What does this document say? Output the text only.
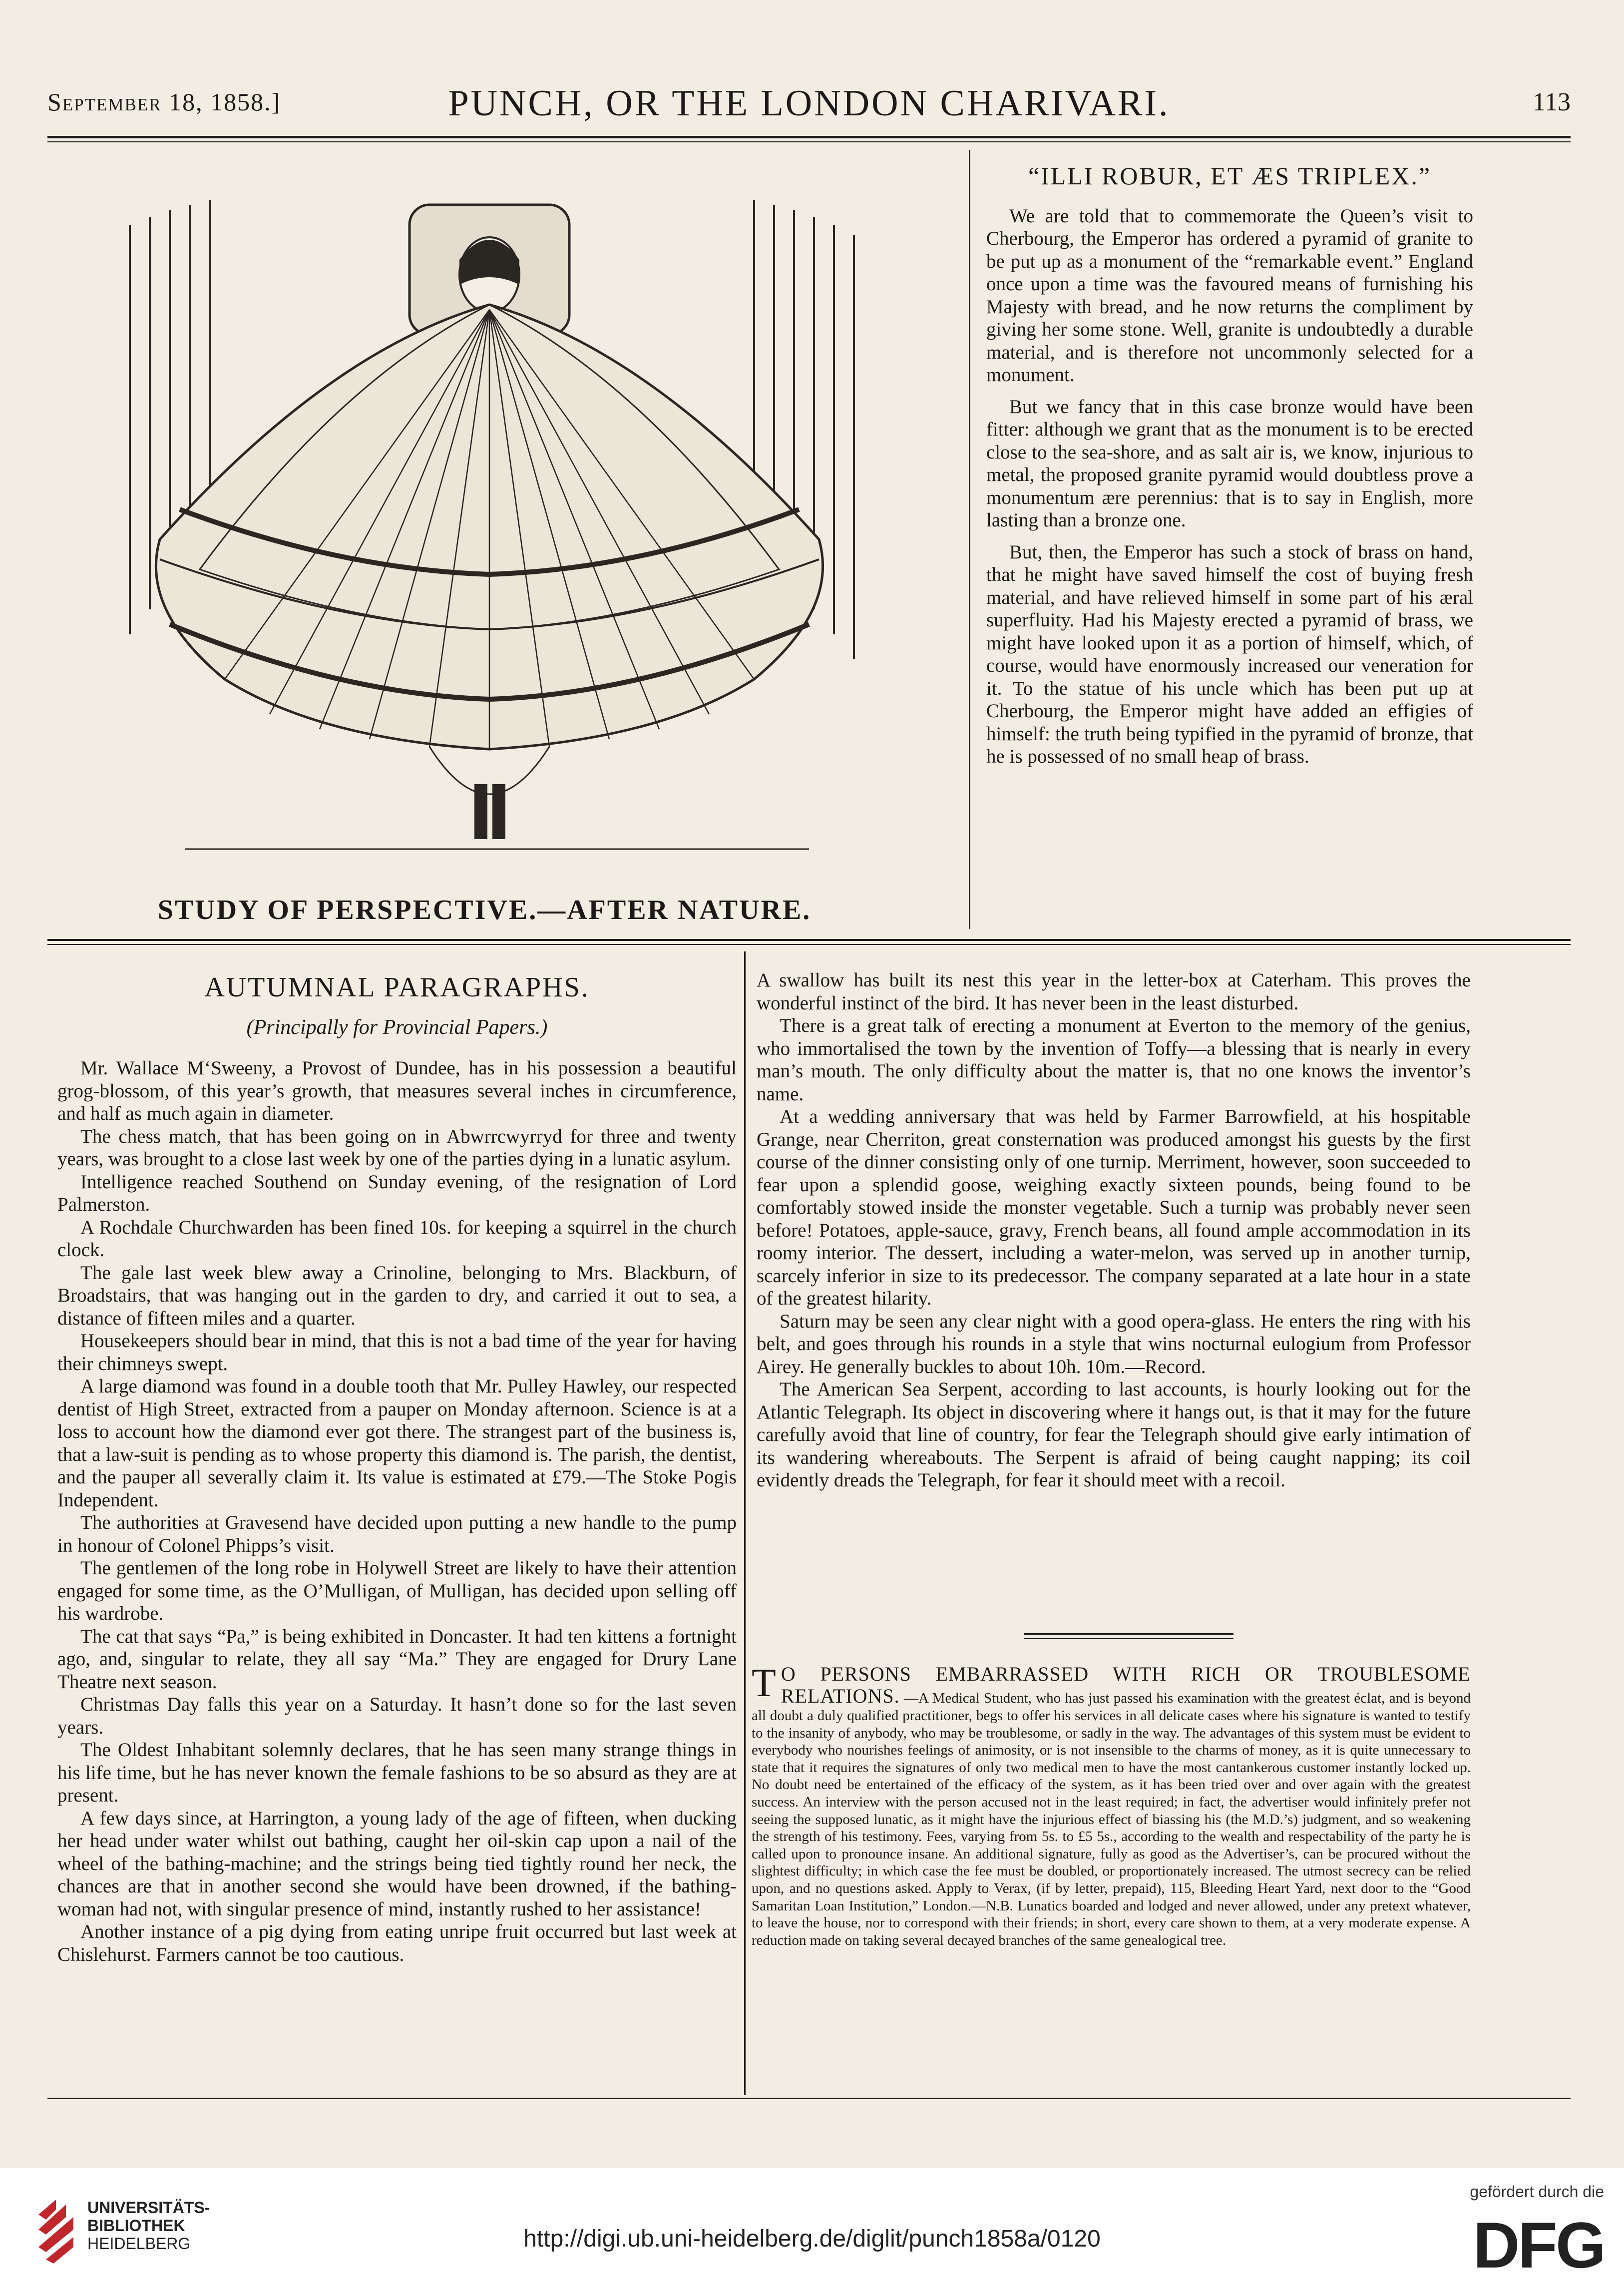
September 18, 1858.]	PUNCH, OR THE LONDON CHARIVARI.	113
STUDY OF PERSPECTIVE.—AFTER NATURE.
“ILLI ROBUR, ET ÆS TRIPLEX.”

We are told that to commemorate the Queen’s visit to Cherbourg, the Emperor has ordered a pyramid of granite to be put up as a monument of the “remarkable event.” England once upon a time was the favoured means of furnishing his Majesty with bread, and he now returns the compliment by giving her some stone. Well, granite is undoubtedly a durable material, and is therefore not uncommonly selected for a monument.

But we fancy that in this case bronze would have been fitter: although we grant that as the monument is to be erected close to the sea-shore, and as salt air is, we know, injurious to metal, the proposed granite pyramid would doubtless prove a monumentum ære perennius: that is to say in English, more lasting than a bronze one.

But, then, the Emperor has such a stock of brass on hand, that he might have saved himself the cost of buying fresh material, and have relieved himself in some part of his æral superfluity. Had his Majesty erected a pyramid of brass, we might have looked upon it as a portion of himself, which, of course, would have enormously increased our veneration for it. To the statue of his uncle which has been put up at Cherbourg, the Emperor might have added an effigies of himself: the truth being typified in the pyramid of bronze, that he is possessed of no small heap of brass.

AUTUMNAL PARAGRAPHS.
(Principally for Provincial Papers.)

Mr. Wallace M‘Sweeny, a Provost of Dundee, has in his possession a beautiful grog-blossom, of this year’s growth, that measures several inches in circumference, and half as much again in diameter.

The chess match, that has been going on in Abwrrcwyrryd for three and twenty years, was brought to a close last week by one of the parties dying in a lunatic asylum.

Intelligence reached Southend on Sunday evening, of the resignation of Lord Palmerston.

A Rochdale Churchwarden has been fined 10s. for keeping a squirrel in the church clock.

The gale last week blew away a Crinoline, belonging to Mrs. Blackburn, of Broadstairs, that was hanging out in the garden to dry, and carried it out to sea, a distance of fifteen miles and a quarter.

Housekeepers should bear in mind, that this is not a bad time of the year for having their chimneys swept.

A large diamond was found in a double tooth that Mr. Pulley Hawley, our respected dentist of High Street, extracted from a pauper on Monday afternoon. Science is at a loss to account how the diamond ever got there. The strangest part of the business is, that a law-suit is pending as to whose property this diamond is. The parish, the dentist, and the pauper all severally claim it. Its value is estimated at £79.—The Stoke Pogis Independent.

The authorities at Gravesend have decided upon putting a new handle to the pump in honour of Colonel Phipps’s visit.

The gentlemen of the long robe in Holywell Street are likely to have their attention engaged for some time, as the O’Mulligan, of Mulligan, has decided upon selling off his wardrobe.

The cat that says “Pa,” is being exhibited in Doncaster. It had ten kittens a fortnight ago, and, singular to relate, they all say “Ma.” They are engaged for Drury Lane Theatre next season.

Christmas Day falls this year on a Saturday. It hasn’t done so for the last seven years.

The Oldest Inhabitant solemnly declares, that he has seen many strange things in his life time, but he has never known the female fashions to be so absurd as they are at present.

A few days since, at Harrington, a young lady of the age of fifteen, when ducking her head under water whilst out bathing, caught her oil-skin cap upon a nail of the wheel of the bathing-machine; and the strings being tied tightly round her neck, the chances are that in another second she would have been drowned, if the bathing-woman had not, with singular presence of mind, instantly rushed to her assistance!

Another instance of a pig dying from eating unripe fruit occurred but last week at Chislehurst. Farmers cannot be too cautious.

A swallow has built its nest this year in the letter-box at Caterham. This proves the wonderful instinct of the bird. It has never been in the least disturbed.

There is a great talk of erecting a monument at Everton to the memory of the genius, who immortalised the town by the invention of Toffy—a blessing that is nearly in every man’s mouth. The only difficulty about the matter is, that no one knows the inventor’s name.

At a wedding anniversary that was held by Farmer Barrowfield, at his hospitable Grange, near Cherriton, great consternation was produced amongst his guests by the first course of the dinner consisting only of one turnip. Merriment, however, soon succeeded to fear upon a splendid goose, weighing exactly sixteen pounds, being found to be comfortably stowed inside the monster vegetable. Such a turnip was probably never seen before! Potatoes, apple-sauce, gravy, French beans, all found ample accommodation in its roomy interior. The dessert, including a water-melon, was served up in another turnip, scarcely inferior in size to its predecessor. The company separated at a late hour in a state of the greatest hilarity.

Saturn may be seen any clear night with a good opera-glass. He enters the ring with his belt, and goes through his rounds in a style that wins nocturnal eulogium from Professor Airey. He generally buckles to about 10h. 10m.—Record.

The American Sea Serpent, according to last accounts, is hourly looking out for the Atlantic Telegraph. Its object in discovering where it hangs out, is that it may for the future carefully avoid that line of country, for fear the Telegraph should give early intimation of its wandering whereabouts. The Serpent is afraid of being caught napping; its coil evidently dreads the Telegraph, for fear it should meet with a recoil.

T O PERSONS EMBARRASSED WITH RICH OR TROUBLESOME RELATIONS. —A Medical Student, who has just passed his examination with the greatest éclat, and is beyond all doubt a duly qualified practitioner, begs to offer his services in all delicate cases where his signature is wanted to testify to the insanity of anybody, who may be troublesome, or sadly in the way. The advantages of this system must be evident to everybody who nourishes feelings of animosity, or is not insensible to the charms of money, as it is quite unnecessary to state that it requires the signatures of only two medical men to have the most cantankerous customer instantly locked up. No doubt need be entertained of the efficacy of the system, as it has been tried over and over again with the greatest success. An interview with the person accused not in the least required; in fact, the advertiser would infinitely prefer not seeing the supposed lunatic, as it might have the injurious effect of biassing his (the M.D.’s) judgment, and so weakening the strength of his testimony. Fees, varying from 5s. to £5 5s., according to the wealth and respectability of the party he is called upon to pronounce insane. An additional signature, fully as good as the Advertiser’s, can be procured without the slightest difficulty; in which case the fee must be doubled, or proportionately increased. The utmost secrecy can be relied upon, and no questions asked. Apply to Verax, (if by letter, prepaid), 115, Bleeding Heart Yard, next door to the “Good Samaritan Loan Institution,” London.—N.B. Lunatics boarded and lodged and never allowed, under any pretext whatever, to leave the house, nor to correspond with their friends; in short, every care shown to them, at a very moderate expense. A reduction made on taking several decayed branches of the same genealogical tree.
UNIVERSITÄTS-
BIBLIOTHEK
HEIDELBERG	http://digi.ub.uni-heidelberg.de/diglit/punch1858a/0120
gefördert durch die
DFG
